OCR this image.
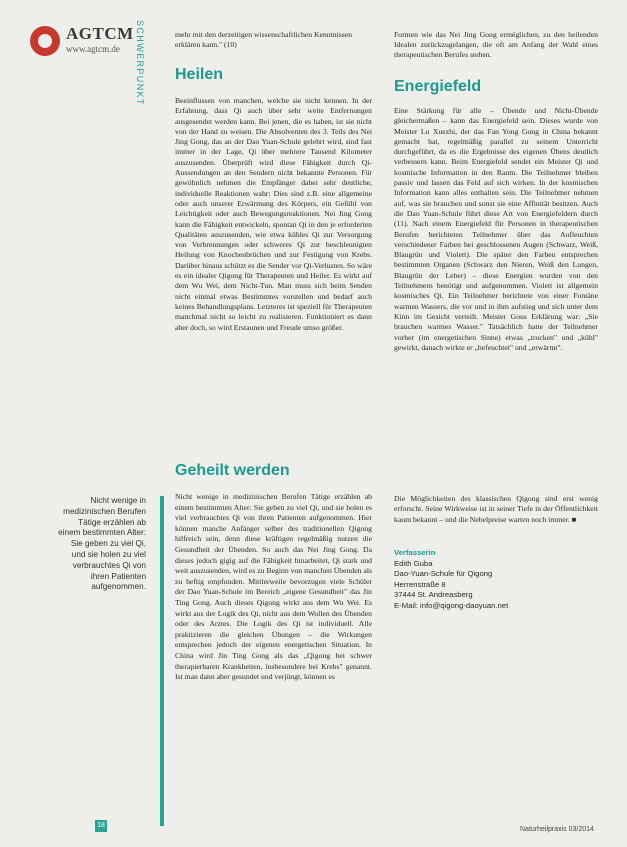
AGTCM
www.agtcm.de SCHWERPUNKT	mehr mit den derzeitigen wissenschaftlichen Kenntnissen erklären kann." (10)
Heilen
Beeinflussen von manchen, welche sie nicht kennen. In der Erfahrung, dass Qi auch über sehr weite Entfernungen ausgesendet werden kann. Bei jenen, die es haben, ist sie nicht von der Hand zu weisen. Die Absolventen des 3. Teils des Nei Jing Gong, das an der Dao Yuan-Schule gelehrt wird, sind fast immer in der Lage, Qi über mehrere Tausend Kilometer auszusenden. Überprüft wird diese Fähigkeit durch Qi-Aussendungen an den Sendern nicht bekannte Personen. Für gewöhnlich nehmen die Empfänger dabei sehr deutliche, individuelle Reaktionen wahr: Dies sind z.B. eine allgemeine oder auch unserer Erwärmung des Körpers, ein Gefühl von Leichtigkeit oder auch Bewegungsreaktionen. Nei Jing Gong kann die Fähigkeit entwickeln, spontan Qi in den je erforderten Qualitäten auszusenden, wie etwa kühles Qi zur Versorgung von Verbrennungen oder schweres Qi zur beschleunigten Heilung von Knochenbrüchen und zur Festigung von Krebs. Darüber hinaus schützt es die Sender vor Qi-Verlusten. So wäre es ein idealer Qigong für Therapeuten und Heiler. Es wirkt auf dem Wu Wei, dem Nicht-Tun. Man muss sich beim Senden nicht einmal etwas Bestimmtes vorstellen und bedarf auch keines Behandlungsplans. Letzteres ist speziell für Therapeuten manchmal nicht so leicht zu realisieren. Funktioniert es dann aber doch, so wird Erstaunen und Freude umso größer.
Geheilt werden
Nicht wenige in medizinischen Berufen Tätige erzählen ab einem bestimmten Alter: Sie geben zu viel Qi, und sie holen es viel verbrauchtes Qi von ihren Patienten aufgenommen. Hier können manche Anfänger selber des traditionellen Qigong hilfreich sein, denn diese kräftigen regelmäßig nutzen die Gesundheit der Übenden. So auch das Nei Jing Gong. Da dieses jedoch gigig auf die Fähigkeit hinarbeitet, Qi stark und weit auszusenden, wird es zu Beginn von manchen Übenden als zu heftig empfunden. Mittlerweile bevorzugen viele Schüler der Dao Yuan-Schule im Bereich „eigene Gesundheit" das Jin Ting Gong. Auch dieses Qigong wirkt aus dem Wu Wei. Es wirkt aus der Logik des Qi, nicht aus dem Wollen des Übenden oder des Arztes. Die Logik des Qi ist individuell. Alle praktizieren die gleichen Übungen – die Wirkungen entsprechen jedoch der eigenen energetischen Situation. In China wird Jin Ting Gong als das „Qigong bei schwer therapierbaren Krankheiten, insbesondere bei Krebs" genannt. Ist man dann aber gesundet und verjüngt, können es
Formen wie das Nei Jing Gong erméglichen, zu den heilenden Idealen zurückzugelangen, die oft am Anfang der Wahl eines therapeutischen Berufes stehen.
Energiefeld
Eine Stärkung für alle – Übende und Nicht-Übende gleichermaßen – kann das Energiefeld sein. Dieses wurde von Meister Lu Xuezhi, der das Fan Yong Gong in China bekannt gemacht hat, regelmäßig parallel zu seinem Unterricht durchgeführt, da es die Ergebnisse des eigenen Übens deutlich verbessern kann. Beim Energiefeld sendet ein Meister Qi und kosmische Information in den Raum. Die Teilnehmer bleiben passiv und lassen das Feld auf sich wirken. In der kosmischen Information kann alles enthalten sein. Die Teilnehmer nehmen auf, was sie brauchen und sonst sie eine Affinität besitzen. Auch die Dao Yuan-Schule führt diese Art von Energiefeldern durch (11). Nach einem Energiefeld für Personen in therapeutischen Berufen berichteten Teilnehmer über das Aufleuchten verschiedener Farben bei geschlossenen Augen (Schwarz, Weiß, Blaugrün und Violett). Die später den Farben entsprechen bestimmten Organen (Schwarz den Nieren, Weiß den Lungen, Blaugrün der Leber) – diese Energien wurden von den Teilnehmern benötigt und aufgenommen. Violett ist allgemein kosmisches Qi. Ein Teilnehmer berichtete von einer Fontäne warmen Wassers, die vor und in ihm aufstieg und sich unter dem Kinn im Gesicht verteilt. Meister Gous Erklärung war: „Sie brauchen warmes Wasser." Tatsächlich hatte der Teilnehmer vorher (im energetischen Sinne) etwas „trocken" und „kühl" gewirkt, danach wirkte er „befeuchtet" und „erwärmt".
Die Möglichkeiten des klassischen Qigong sind erst wenig erforscht. Seine Wirkweise ist in seiner Tiefe in der Öffentlichkeit kaum bekannt – und die Nebelpreise warten noch immer. ■
Verfasserin
Edith Guba
Dao-Yuan-Schule für Qigong
Herrenstraße 8
37444 St. Andreasberg
E-Mail: info@qigong-daoyuan.net
Nicht wenige in medizinischen Berufen Tätige erzählen ab einem bestimmten Alter: Sie geben zu viel Qi, und sie holen zu viel verbrauchtes Qi von ihren Patienten aufgenommen.
18
Naturheilpraxis 03/2014
